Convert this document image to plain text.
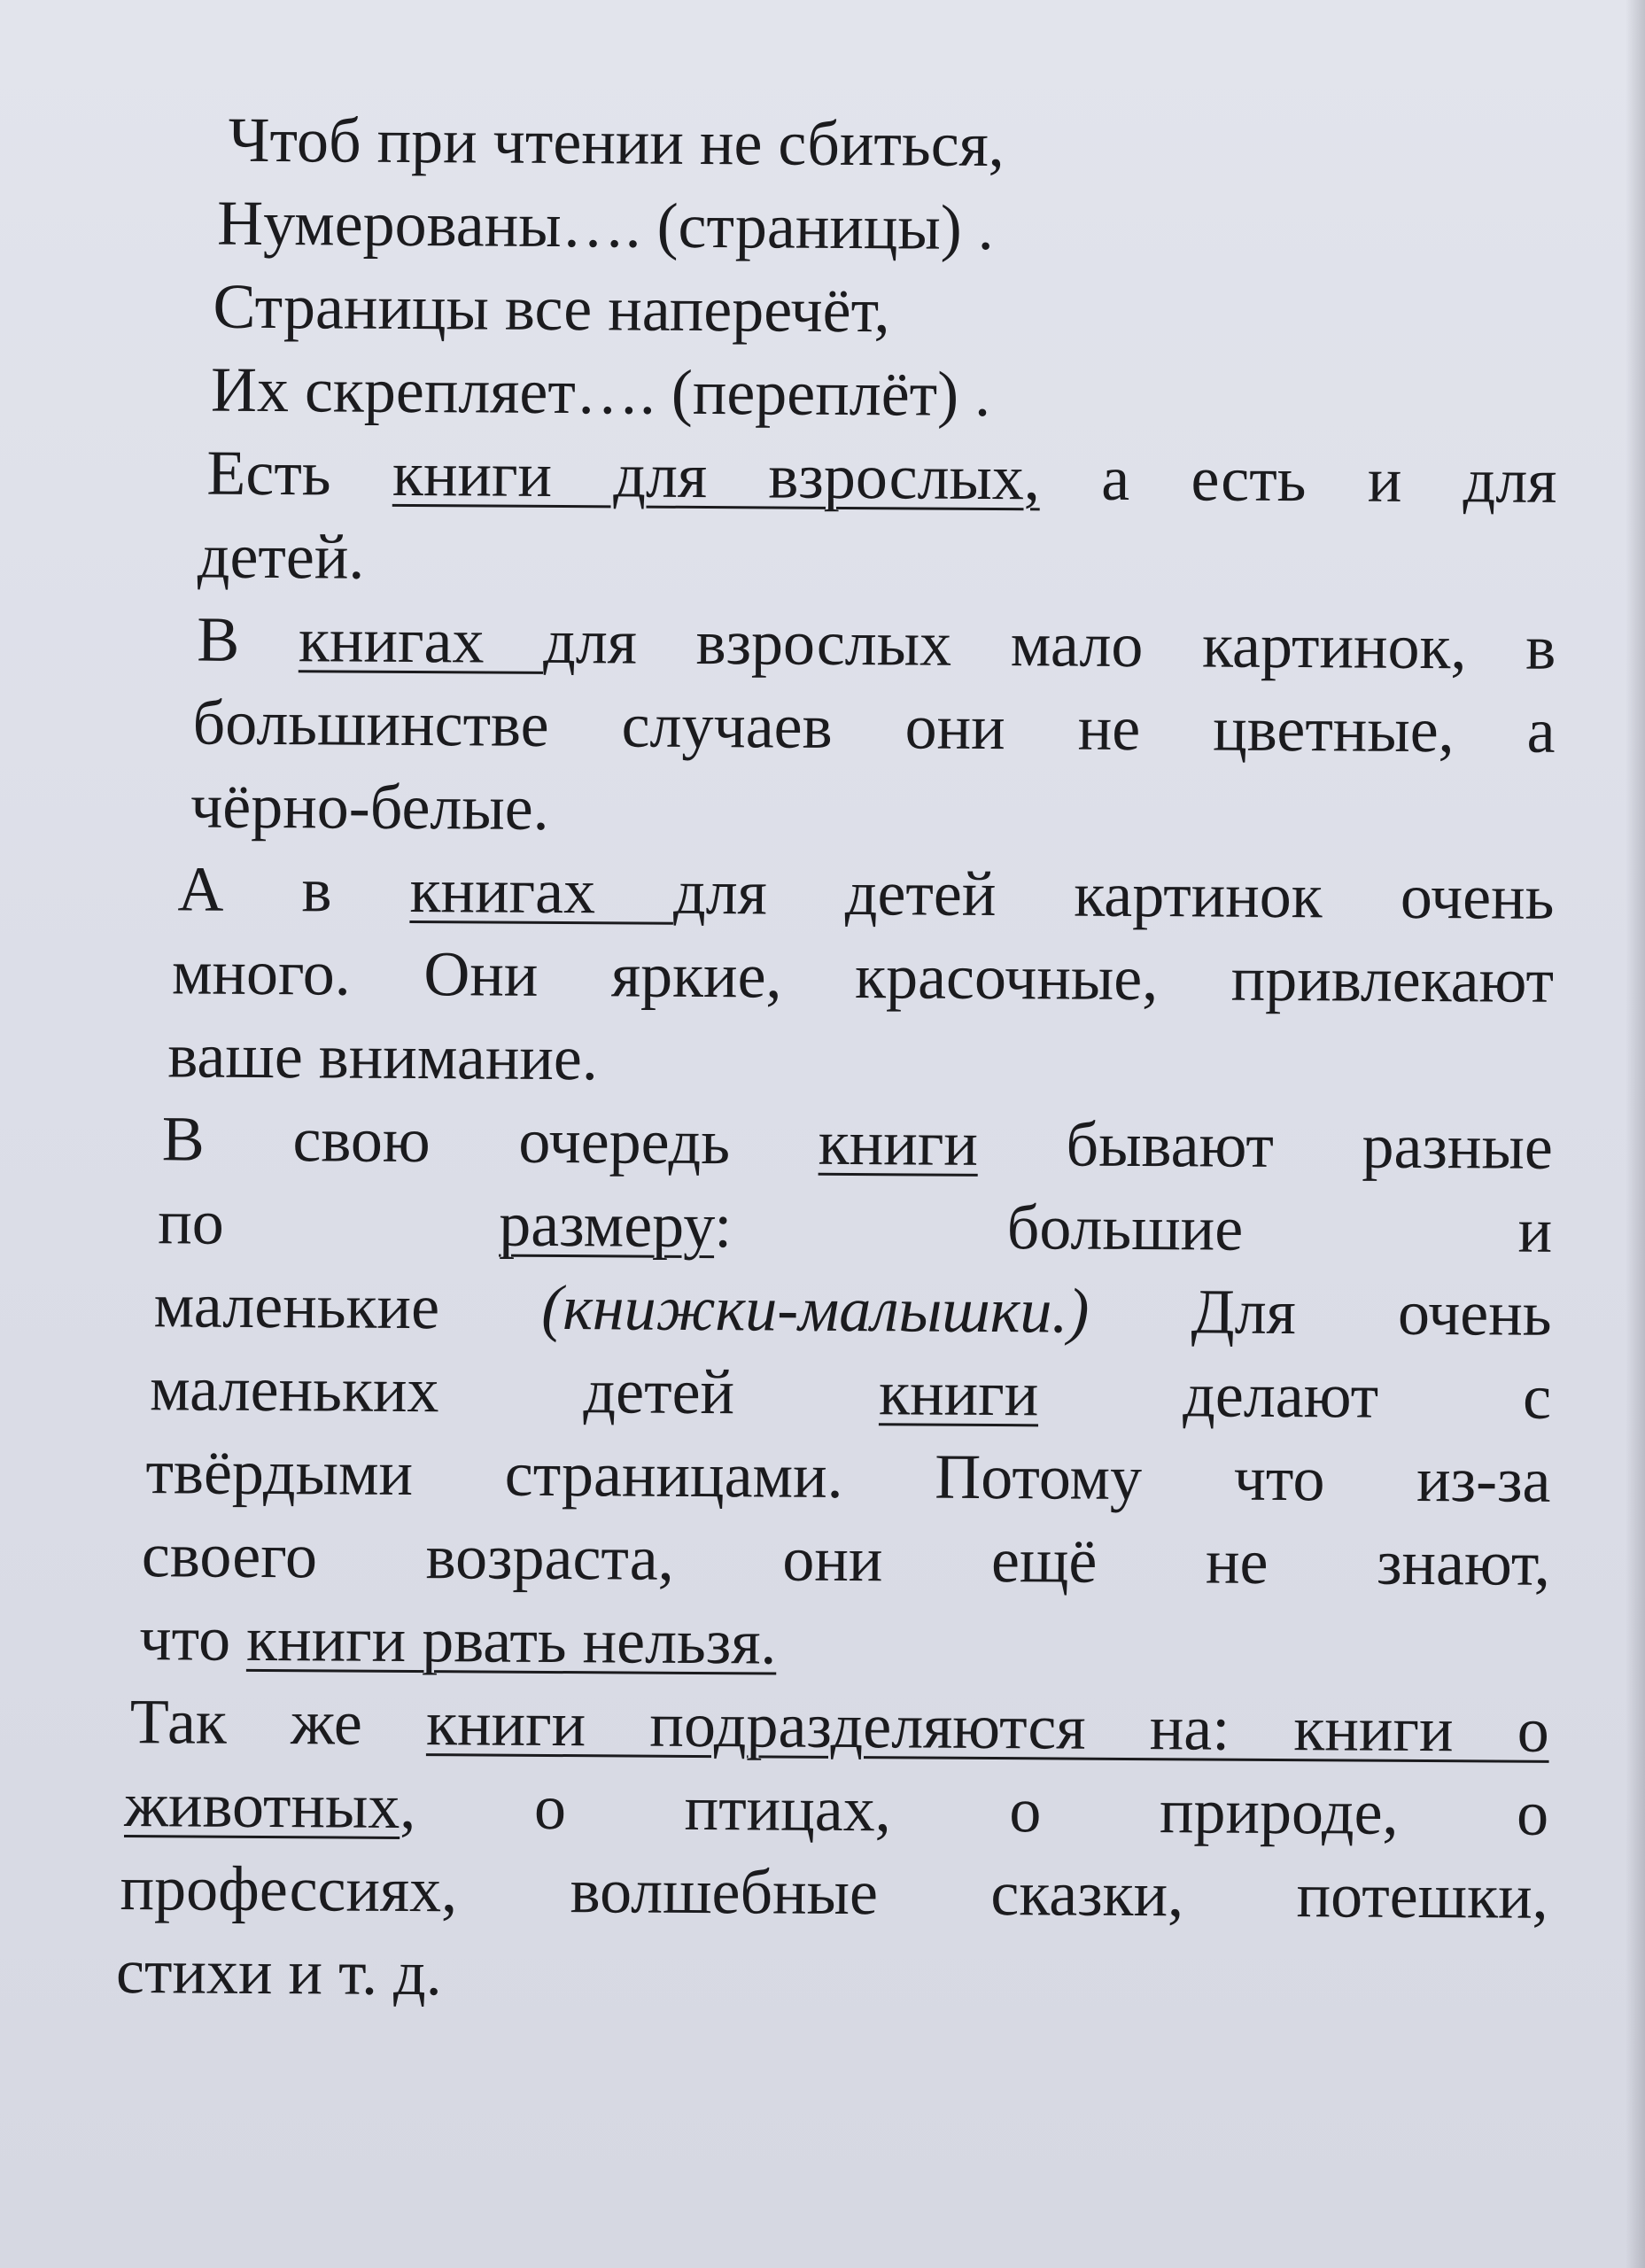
Чтоб при чтении не сбиться,
Нумерованы…. (страницы) .
Страницы все наперечёт,
Их скрепляет…. (переплёт) .
Есть книги для взрослых, а есть и для
детей.
В книгах для взрослых мало картинок, в
большинстве случаев они не цветные, а
чёрно-белые.
А в книгах для детей картинок очень
много. Они яркие, красочные, привлекают
ваше внимание.
В свою очередь книги бывают разные
по размеру: большие и
маленькие (книжки-малышки.) Для очень
маленьких детей книги делают с
твёрдыми страницами. Потому что из-за
своего возраста, они ещё не знают,
что книги рвать нельзя.
Так же книги подразделяются на: книги о
животных, о птицах, о природе, о
профессиях, волшебные сказки, потешки,
стихи и т. д.
